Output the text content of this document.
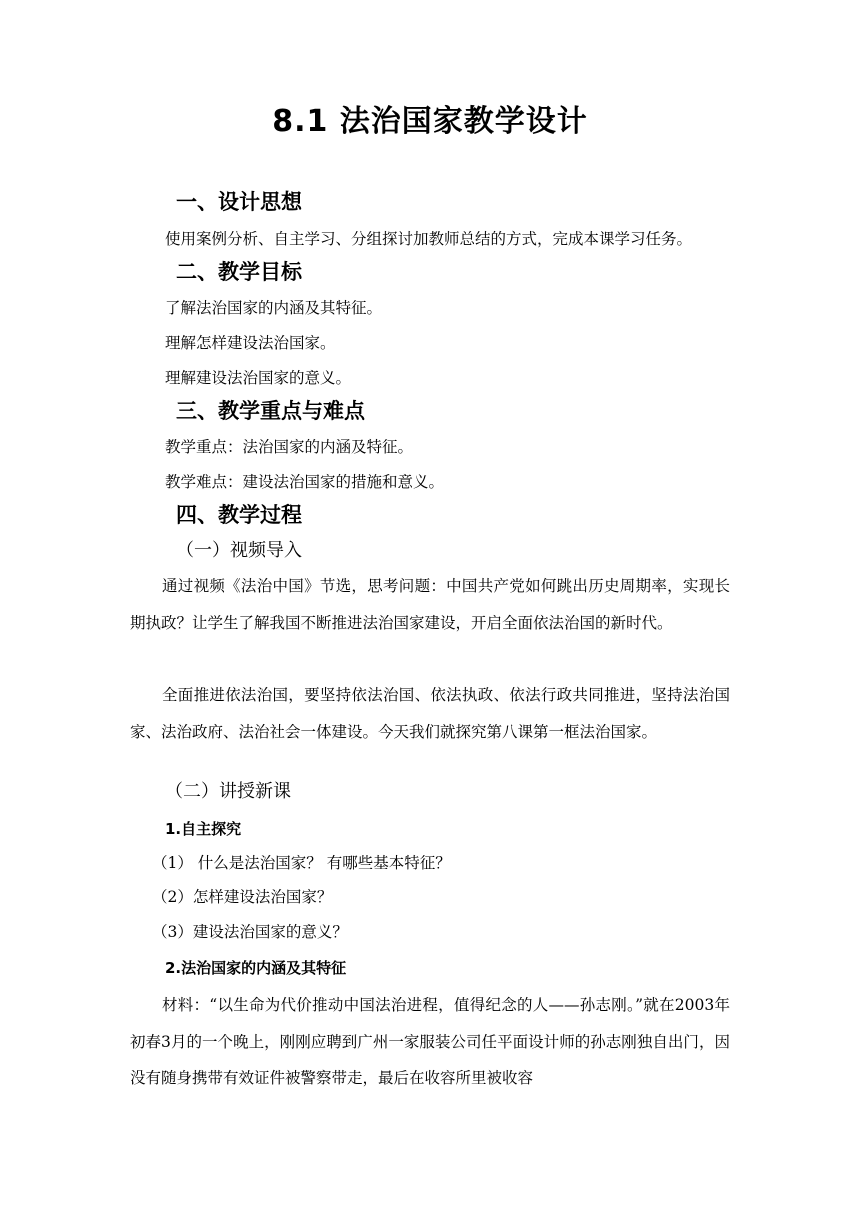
8.1 法治国家教学设计
一、设计思想
使用案例分析、自主学习、分组探讨加教师总结的方式，完成本课学习任务。
二、教学目标
了解法治国家的内涵及其特征。
理解怎样建设法治国家。
理解建设法治国家的意义。
三、教学重点与难点
教学重点：法治国家的内涵及特征。
教学难点：建设法治国家的措施和意义。
四、教学过程
（一）视频导入
通过视频《法治中国》节选，思考问题：中国共产党如何跳出历史周期率，实现长期执政？让学生了解我国不断推进法治国家建设，开启全面依法治国的新时代。
全面推进依法治国，要坚持依法治国、依法执政、依法行政共同推进，坚持法治国家、法治政府、法治社会一体建设。今天我们就探究第八课第一框法治国家。
（二）讲授新课
1.自主探究
（1） 什么是法治国家？ 有哪些基本特征？
（2）怎样建设法治国家？
（3）建设法治国家的意义？
2.法治国家的内涵及其特征
材料：“以生命为代价推动中国法治进程，值得纪念的人——孙志刚。”就在2003年初春3月的一个晚上，刚刚应聘到广州一家服装公司任平面设计师的孙志刚独自出门，因没有随身携带有效证件被警察带走，最后在收容所里被收容
